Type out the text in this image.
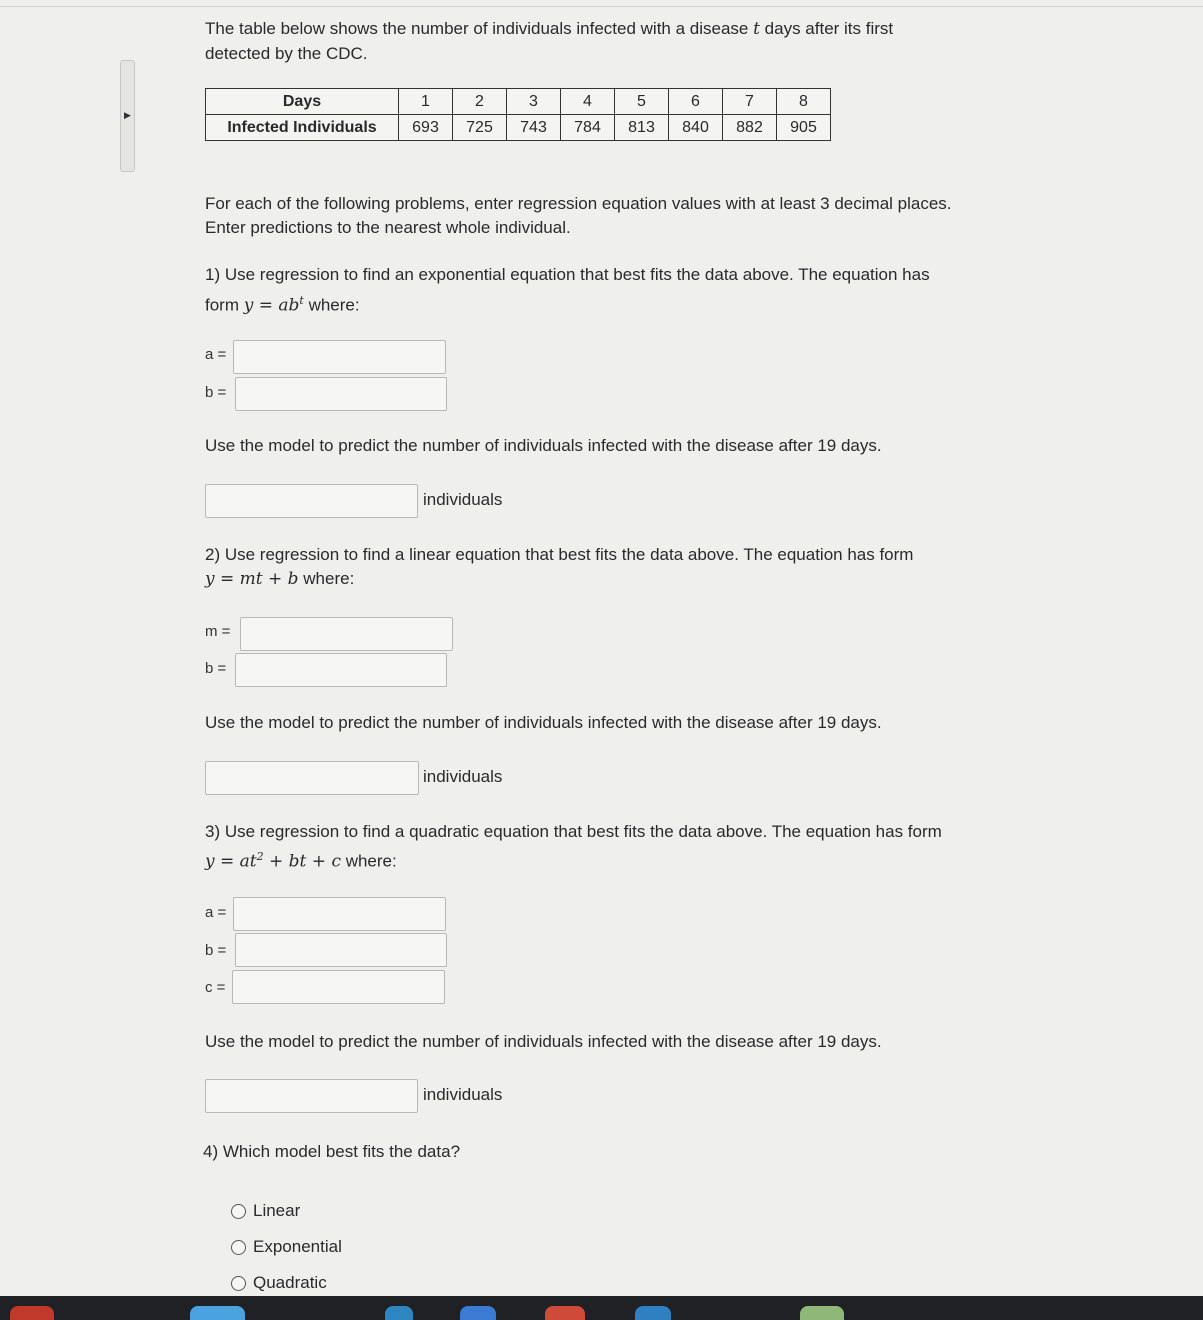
▶
The table below shows the number of individuals infected with a disease t days after its first
detected by the CDC.
Days	1	2	3	4	5	6	7	8
Infected Individuals	693	725	743	784	813	840	882	905
For each of the following problems, enter regression equation values with at least 3 decimal places.
Enter predictions to the nearest whole individual.
1) Use regression to find an exponential equation that best fits the data above. The equation has
form $y = ab^t$ where:
a =
b =
Use the model to predict the number of individuals infected with the disease after 19 days.
individuals
2) Use regression to find a linear equation that best fits the data above. The equation has form
y = mt + b where:
m =
b =
Use the model to predict the number of individuals infected with the disease after 19 days.
individuals
3) Use regression to find a quadratic equation that best fits the data above. The equation has form
$y = at^2$ + bt + c where:
a =
b =
c =
Use the model to predict the number of individuals infected with the disease after 19 days.
individuals
4) Which model best fits the data?
Linear
Exponential
Quadratic
